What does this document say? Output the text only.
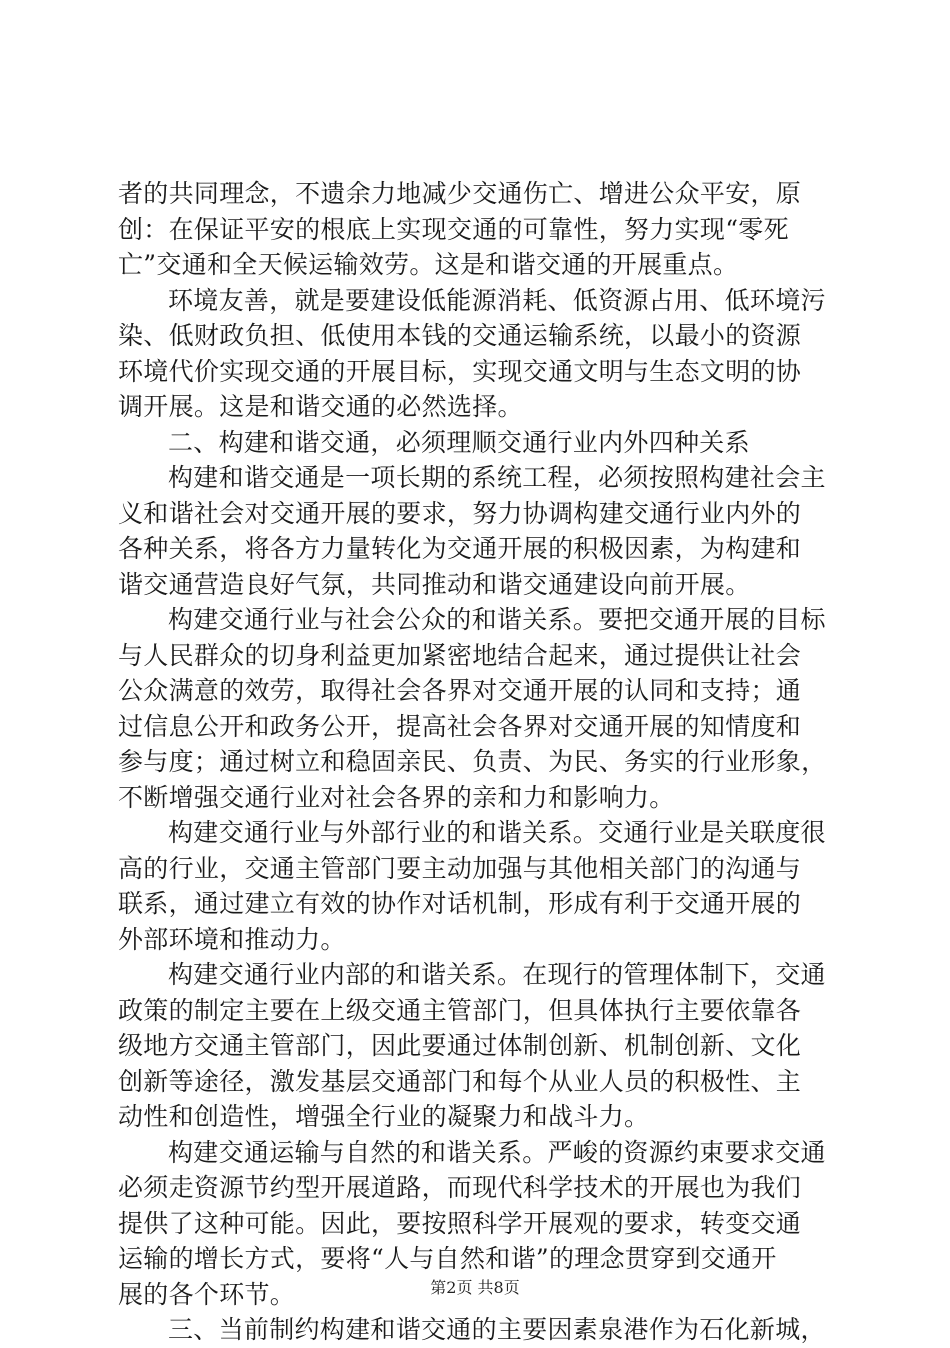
者的共同理念，不遗余力地减少交通伤亡、增进公众平安，原
创：在保证平安的根底上实现交通的可靠性，努力实现“零死
亡”交通和全天候运输效劳。这是和谐交通的开展重点。
环境友善，就是要建设低能源消耗、低资源占用、低环境污
染、低财政负担、低使用本钱的交通运输系统，以最小的资源
环境代价实现交通的开展目标，实现交通文明与生态文明的协
调开展。这是和谐交通的必然选择。
二、构建和谐交通，必须理顺交通行业内外四种关系
构建和谐交通是一项长期的系统工程，必须按照构建社会主
义和谐社会对交通开展的要求，努力协调构建交通行业内外的
各种关系，将各方力量转化为交通开展的积极因素，为构建和
谐交通营造良好气氛，共同推动和谐交通建设向前开展。
构建交通行业与社会公众的和谐关系。要把交通开展的目标
与人民群众的切身利益更加紧密地结合起来，通过提供让社会
公众满意的效劳，取得社会各界对交通开展的认同和支持；通
过信息公开和政务公开，提高社会各界对交通开展的知情度和
参与度；通过树立和稳固亲民、负责、为民、务实的行业形象，
不断增强交通行业对社会各界的亲和力和影响力。
构建交通行业与外部行业的和谐关系。交通行业是关联度很
高的行业，交通主管部门要主动加强与其他相关部门的沟通与
联系，通过建立有效的协作对话机制，形成有利于交通开展的
外部环境和推动力。
构建交通行业内部的和谐关系。在现行的管理体制下，交通
政策的制定主要在上级交通主管部门，但具体执行主要依靠各
级地方交通主管部门，因此要通过体制创新、机制创新、文化
创新等途径，激发基层交通部门和每个从业人员的积极性、主
动性和创造性，增强全行业的凝聚力和战斗力。
构建交通运输与自然的和谐关系。严峻的资源约束要求交通
必须走资源节约型开展道路，而现代科学技术的开展也为我们
提供了这种可能。因此，要按照科学开展观的要求，转变交通
运输的增长方式，要将“人与自然和谐”的理念贯穿到交通开
展的各个环节。
三、当前制约构建和谐交通的主要因素泉港作为石化新城，
第2页 共8页
